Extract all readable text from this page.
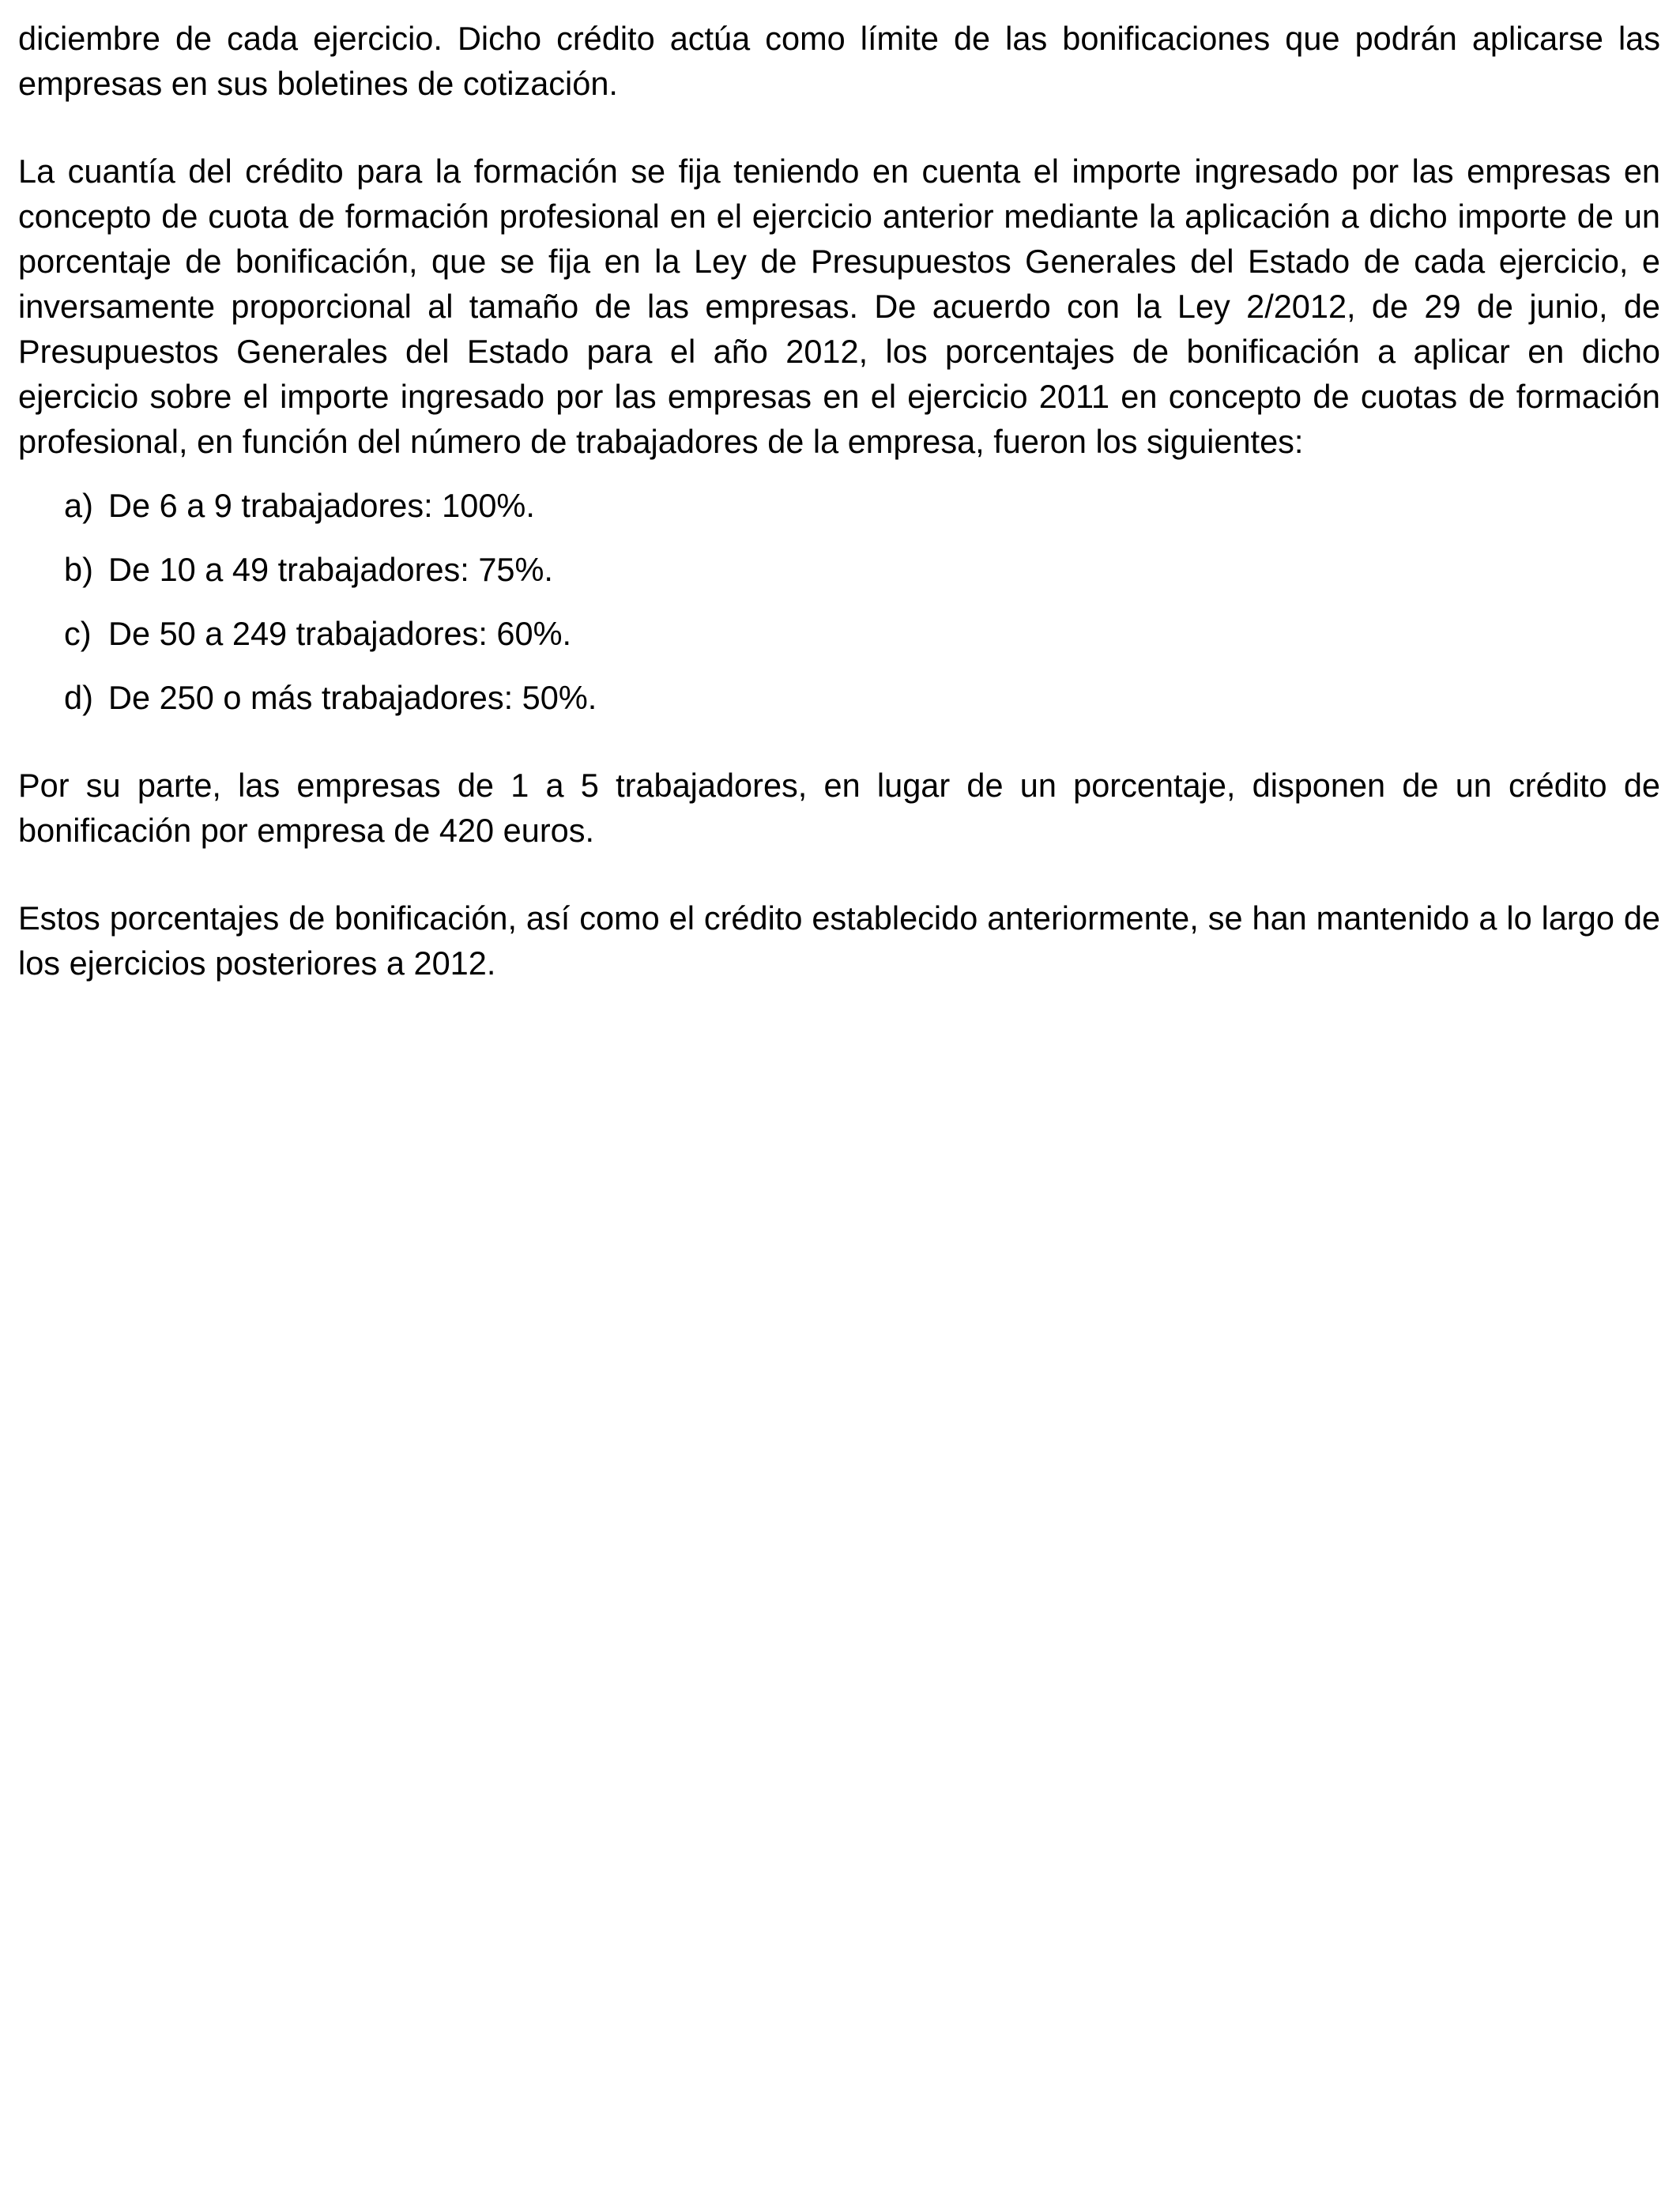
diciembre de cada ejercicio. Dicho crédito actúa como límite de las bonificaciones que podrán aplicarse las empresas en sus boletines de cotización.

La cuantía del crédito para la formación se fija teniendo en cuenta el importe ingresado por las empresas en concepto de cuota de formación profesional en el ejercicio anterior mediante la aplicación a dicho importe de un porcentaje de bonificación, que se fija en la Ley de Presupuestos Generales del Estado de cada ejercicio, e inversamente proporcional al tamaño de las empresas. De acuerdo con la Ley 2/2012, de 29 de junio, de Presupuestos Generales del Estado para el año 2012, los porcentajes de bonificación a aplicar en dicho ejercicio sobre el importe ingresado por las empresas en el ejercicio 2011 en concepto de cuotas de formación profesional, en función del número de trabajadores de la empresa, fueron los siguientes:

a) De 6 a 9 trabajadores: 100%.
b) De 10 a 49 trabajadores: 75%.
c) De 50 a 249 trabajadores: 60%.
d) De 250 o más trabajadores: 50%.

Por su parte, las empresas de 1 a 5 trabajadores, en lugar de un porcentaje, disponen de un crédito de bonificación por empresa de 420 euros.

Estos porcentajes de bonificación, así como el crédito establecido anteriormente, se han mantenido a lo largo de los ejercicios posteriores a 2012.
